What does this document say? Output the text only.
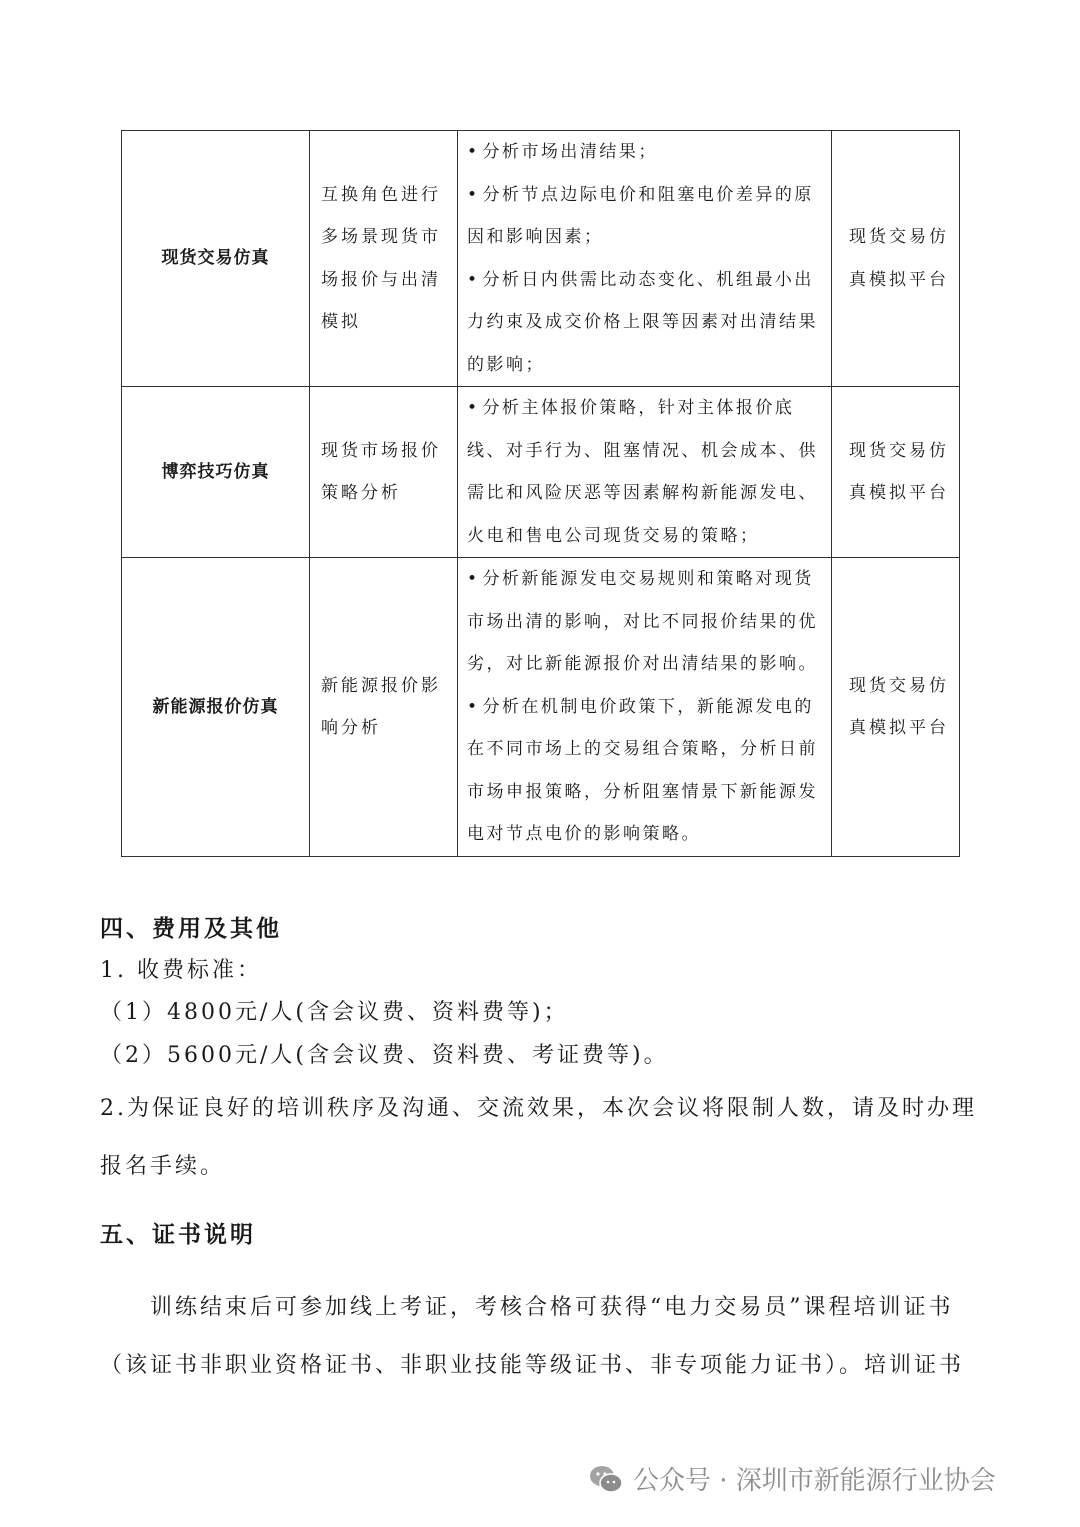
现货交易仿真	互换角色进行多场景现货市场报价与出清模拟	• 分析市场出清结果；
• 分析节点边际电价和阻塞电价差异的原因和影响因素；
• 分析日内供需比动态变化、机组最小出力约束及成交价格上限等因素对出清结果的影响；	现货交易仿真模拟平台
博弈技巧仿真	现货市场报价策略分析	• 分析主体报价策略，针对主体报价底线、对手行为、阻塞情况、机会成本、供需比和风险厌恶等因素解构新能源发电、火电和售电公司现货交易的策略；	现货交易仿真模拟平台
新能源报价仿真	新能源报价影响分析	• 分析新能源发电交易规则和策略对现货市场出清的影响，对比不同报价结果的优劣，对比新能源报价对出清结果的影响。
• 分析在机制电价政策下，新能源发电的在不同市场上的交易组合策略，分析日前市场申报策略，分析阻塞情景下新能源发电对节点电价的影响策略。	现货交易仿真模拟平台
四、费用及其他

1. 收费标准：

（1）4800元/人(含会议费、资料费等)；

（2）5600元/人(含会议费、资料费、考证费等)。

2.为保证良好的培训秩序及沟通、交流效果，本次会议将限制人数，请及时办理报名手续。

五、证书说明

训练结束后可参加线上考证，考核合格可获得“电力交易员”课程培训证书（该证书非职业资格证书、非职业技能等级证书、非专项能力证书）。培训证书

公众号 · 深圳市新能源行业协会
